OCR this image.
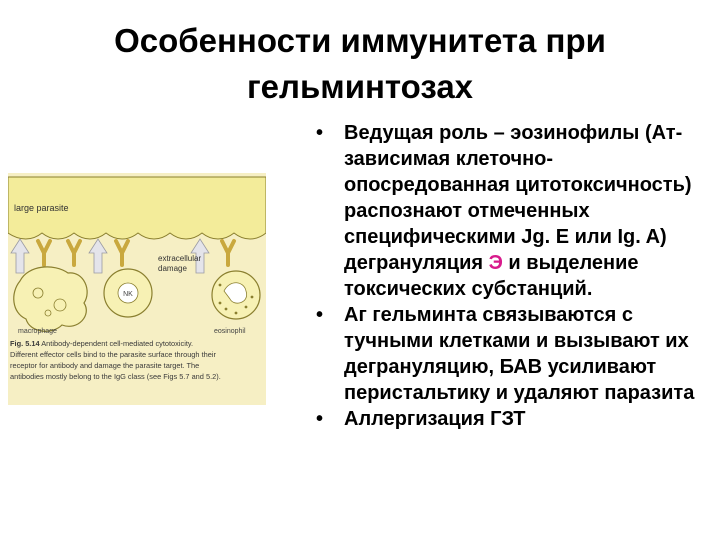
Особенности иммунитета при
гельминтозах
large parasite
NK
extracellular
damage
macrophage	eosinophil
Fig. 5.14 Antibody-dependent cell-mediated cytotoxicity.
Different effector cells bind to the parasite surface through their
receptor for antibody and damage the parasite target. The
antibodies mostly belong to the IgG class (see Figs 5.7 and 5.2).
• Ведущая роль – эозинофилы (Ат-зависимая клеточно-опосредованная цитотоксичность) распознают отмеченных специфическими Jg. E или Ig. A) дегрануляция Э и выделение токсических субстанций.
• Аг гельминта связываются с тучными клетками и вызывают их дегрануляцию, БАВ усиливают перистальтику и удаляют паразита
• Аллергизация ГЗТ
